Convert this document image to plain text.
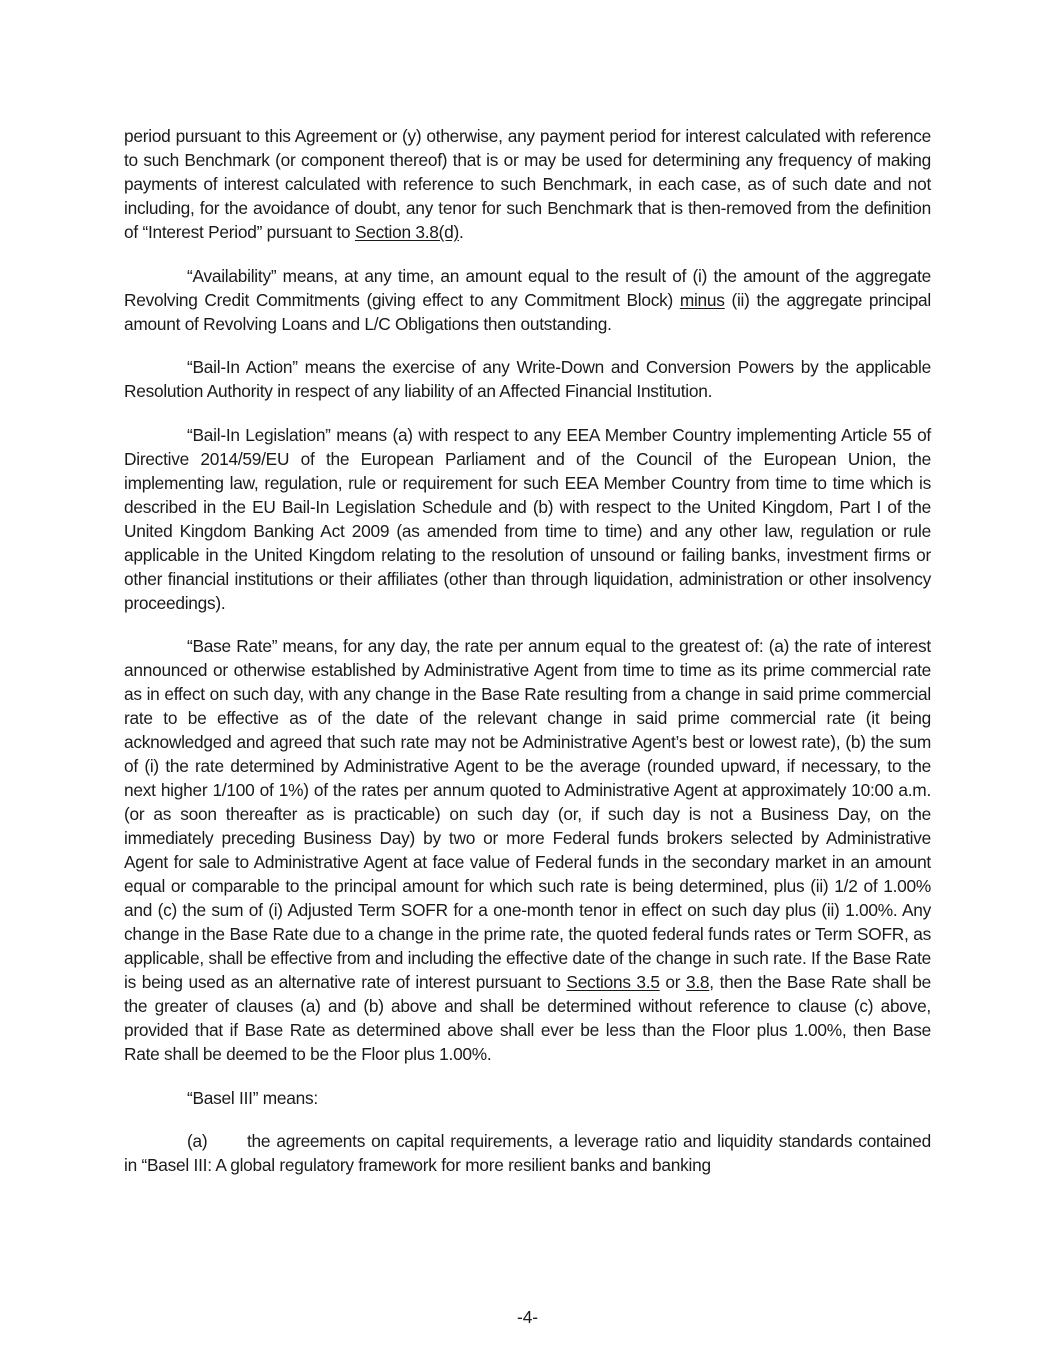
period pursuant to this Agreement or (y) otherwise, any payment period for interest calculated with reference to such Benchmark (or component thereof) that is or may be used for determining any frequency of making payments of interest calculated with reference to such Benchmark, in each case, as of such date and not including, for the avoidance of doubt, any tenor for such Benchmark that is then-removed from the definition of “Interest Period” pursuant to Section 3.8(d).

“Availability” means, at any time, an amount equal to the result of (i) the amount of the aggregate Revolving Credit Commitments (giving effect to any Commitment Block) minus (ii) the aggregate principal amount of Revolving Loans and L/C Obligations then outstanding.

“Bail-In Action” means the exercise of any Write-Down and Conversion Powers by the applicable Resolution Authority in respect of any liability of an Affected Financial Institution.

“Bail-In Legislation” means (a) with respect to any EEA Member Country implementing Article 55 of Directive 2014/59/EU of the European Parliament and of the Council of the European Union, the implementing law, regulation, rule or requirement for such EEA Member Country from time to time which is described in the EU Bail-In Legislation Schedule and (b) with respect to the United Kingdom, Part I of the United Kingdom Banking Act 2009 (as amended from time to time) and any other law, regulation or rule applicable in the United Kingdom relating to the resolution of unsound or failing banks, investment firms or other financial institutions or their affiliates (other than through liquidation, administration or other insolvency proceedings).

“Base Rate” means, for any day, the rate per annum equal to the greatest of: (a) the rate of interest announced or otherwise established by Administrative Agent from time to time as its prime commercial rate as in effect on such day, with any change in the Base Rate resulting from a change in said prime commercial rate to be effective as of the date of the relevant change in said prime commercial rate (it being acknowledged and agreed that such rate may not be Administrative Agent’s best or lowest rate), (b) the sum of (i) the rate determined by Administrative Agent to be the average (rounded upward, if necessary, to the next higher 1/100 of 1%) of the rates per annum quoted to Administrative Agent at approximately 10:00 a.m. (or as soon thereafter as is practicable) on such day (or, if such day is not a Business Day, on the immediately preceding Business Day) by two or more Federal funds brokers selected by Administrative Agent for sale to Administrative Agent at face value of Federal funds in the secondary market in an amount equal or comparable to the principal amount for which such rate is being determined, plus (ii) 1/2 of 1.00% and (c) the sum of (i) Adjusted Term SOFR for a one-month tenor in effect on such day plus (ii) 1.00%. Any change in the Base Rate due to a change in the prime rate, the quoted federal funds rates or Term SOFR, as applicable, shall be effective from and including the effective date of the change in such rate. If the Base Rate is being used as an alternative rate of interest pursuant to Sections 3.5 or 3.8, then the Base Rate shall be the greater of clauses (a) and (b) above and shall be determined without reference to clause (c) above, provided that if Base Rate as determined above shall ever be less than the Floor plus 1.00%, then Base Rate shall be deemed to be the Floor plus 1.00%.

“Basel III” means:

(a) the agreements on capital requirements, a leverage ratio and liquidity standards contained in “Basel III: A global regulatory framework for more resilient banks and banking

-4-
